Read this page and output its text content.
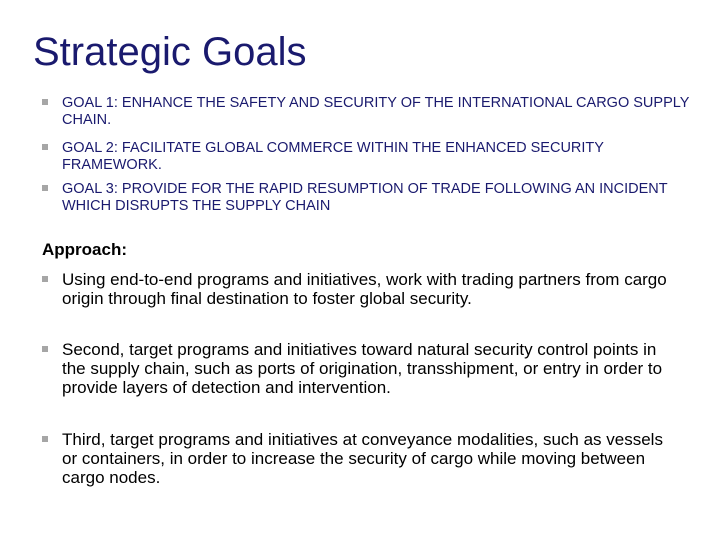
Strategic Goals
GOAL 1: ENHANCE THE SAFETY AND SECURITY OF THE INTERNATIONAL CARGO SUPPLY CHAIN.
GOAL 2: FACILITATE GLOBAL COMMERCE WITHIN THE ENHANCED SECURITY FRAMEWORK.
GOAL 3: PROVIDE FOR THE RAPID RESUMPTION OF TRADE FOLLOWING AN INCIDENT WHICH DISRUPTS THE SUPPLY CHAIN
Approach:
Using end-to-end programs and initiatives, work with trading partners from cargo origin through final destination to foster global security.
Second, target programs and initiatives toward natural security control points in the supply chain, such as ports of origination, transshipment, or entry in order to provide layers of detection and intervention.
Third, target programs and initiatives at conveyance modalities, such as vessels or containers, in order to increase the security of cargo while moving between cargo nodes.
